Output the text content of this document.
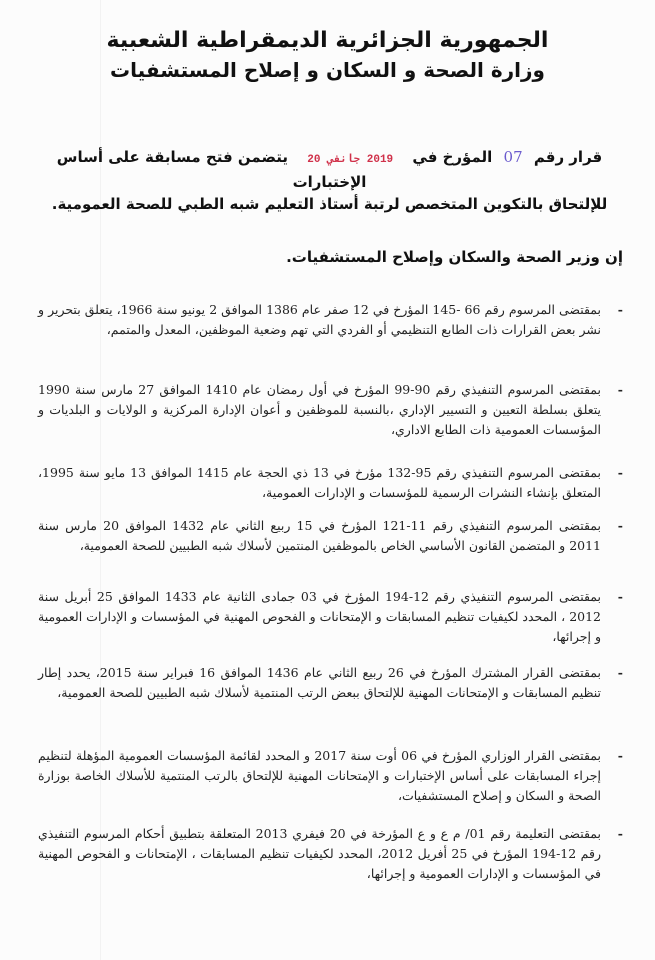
الجمهورية الجزائرية الديمقراطية الشعبية
وزارة الصحة و السكان و إصلاح المستشفيات
قرار رقم 07 المؤرخ في 2019 جانفي 20 يتضمن فتح مسابقة على أساس الإختبارات
للإلتحاق بالتكوين المتخصص لرتبة أستاذ التعليم شبه الطبي للصحة العمومية.
إن وزير الصحة والسكان وإصلاح المستشفيات.
-
بمقتضى المرسوم رقم 66 -145 المؤرخ في 12 صفر عام 1386 الموافق 2 يونيو سنة 1966، يتعلق بتحرير و نشر بعض القرارات ذات الطابع التنظيمي أو الفردي التي تهم وضعية الموظفين، المعدل والمتمم،
-
بمقتضى المرسوم التنفيذي رقم 90-99 المؤرخ في أول رمضان عام 1410 الموافق 27 مارس سنة 1990 يتعلق بسلطة التعيين و التسيير الإداري ،بالنسبة للموظفين و أعوان الإدارة المركزية و الولايات و البلديات و المؤسسات العمومية ذات الطابع الاداري،
-
بمقتضى المرسوم التنفيذي رقم 95-132 مؤرخ في 13 ذي الحجة عام 1415 الموافق 13 مايو سنة 1995، المتعلق بإنشاء النشرات الرسمية للمؤسسات و الإدارات العمومية،
-
بمقتضى المرسوم التنفيذي رقم 11-121 المؤرخ في 15 ربيع الثاني عام 1432 الموافق 20 مارس سنة 2011 و المتضمن القانون الأساسي الخاص بالموظفين المنتمين لأسلاك شبه الطبيين للصحة العمومية،
-
بمقتضى المرسوم التنفيذي رقم 12-194 المؤرخ في 03 جمادى الثانية عام 1433 الموافق 25 أبريل سنة 2012 ، المحدد لكيفيات تنظيم المسابقات و الإمتحانات و الفحوص المهنية في المؤسسات و الإدارات العمومية و إجرائها،
-
بمقتضى القرار المشترك المؤرخ في 26 ربيع الثاني عام 1436 الموافق 16 فبراير سنة 2015، يحدد إطار تنظيم المسابقات و الإمتحانات المهنية للإلتحاق ببعض الرتب المنتمية لأسلاك شبه الطبيين للصحة العمومية،
-
بمقتضى القرار الوزاري المؤرخ في 06 أوت سنة 2017 و المحدد لقائمة المؤسسات العمومية المؤهلة لتنظيم إجراء المسابقات على أساس الإختبارات و الإمتحانات المهنية للإلتحاق بالرتب المنتمية للأسلاك الخاصة بوزارة الصحة و السكان و إصلاح المستشفيات،
-
بمقتضى التعليمة رقم 01/ م ع و ع المؤرخة في 20 فيفري 2013 المتعلقة بتطبيق أحكام المرسوم التنفيذي رقم 12-194 المؤرخ في 25 أفريل 2012، المحدد لكيفيات تنظيم المسابقات ، الإمتحانات و الفحوص المهنية في المؤسسات و الإدارات العمومية و إجرائها،
